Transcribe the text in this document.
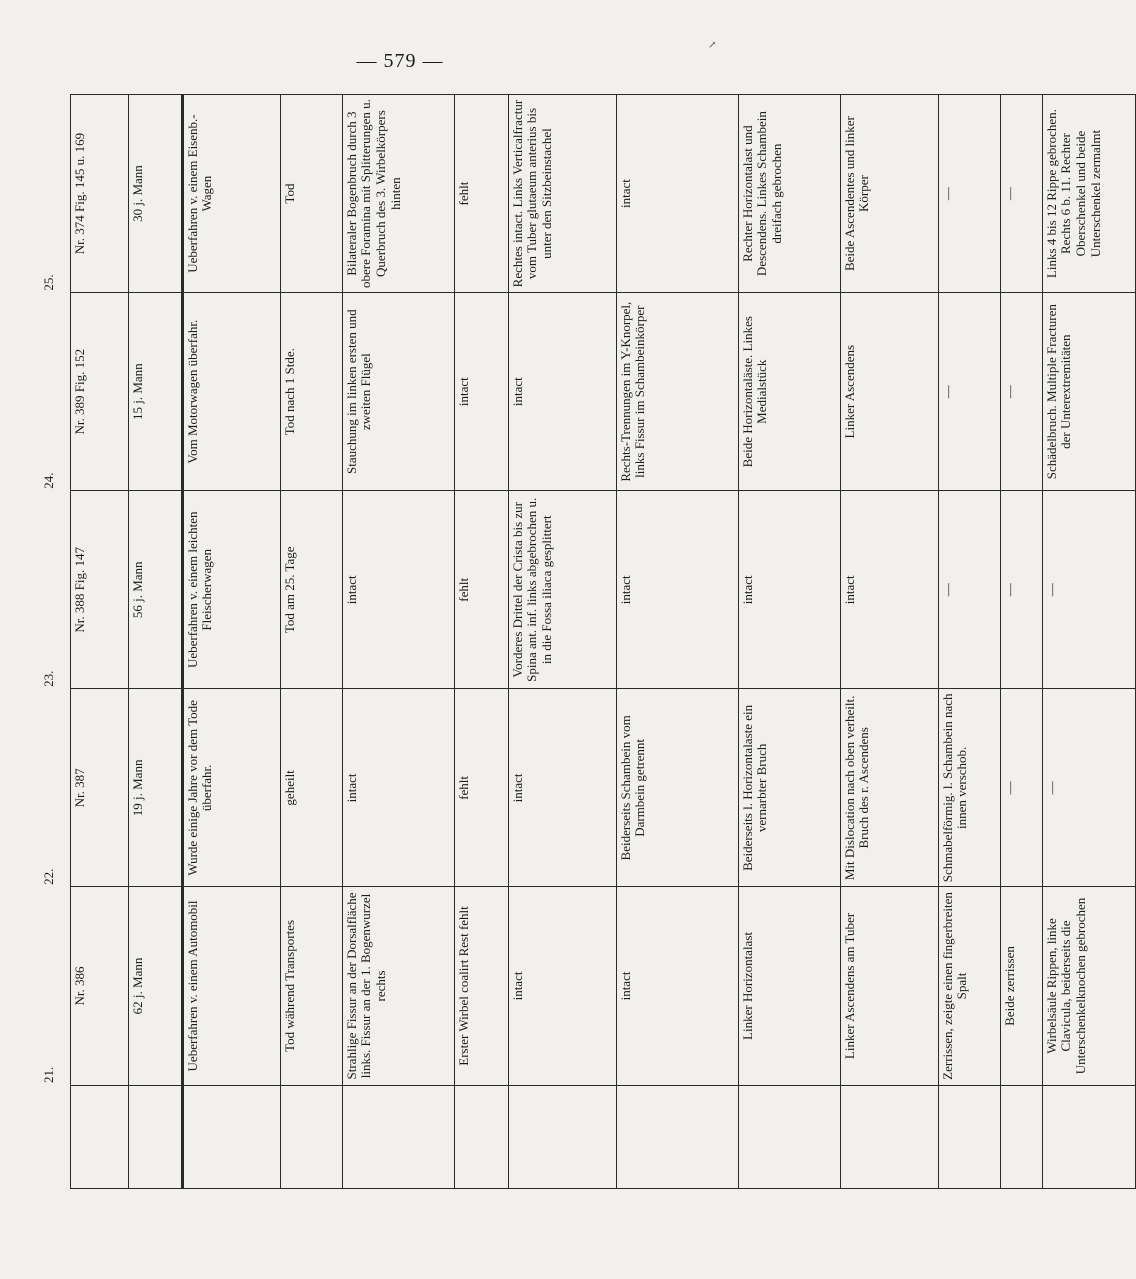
— 579 —
↗
	21.	22.	23.	24.	25.
	Nr. 386	Nr. 387	Nr. 388 Fig. 147	Nr. 389 Fig. 152	Nr. 374 Fig. 145 u. 169
	62 j. Mann	19 j. Mann	56 j. Mann	15 j. Mann	30 j. Mann
	Ueberfahren v. einem Automobil	Wurde einige Jahre vor dem Tode überfahr.	Ueberfahren v. einem leichten Fleischerwagen	Vom Motorwagen überfahr.	Ueberfahren v. einem Eisenb.-Wagen
	Tod während Transportes	geheilt	Tod am 25. Tage	Tod nach 1 Stde.	Tod
	Strahlige Fissur an der Dorsalfläche links. Fissur an der 1. Bogenwurzel rechts	intact	intact	Stauchung im linken ersten und zweiten Flügel	Bilateraler Bogenbruch durch 3 obere Foramina mit Splitterungen u. Querbruch des 3. Wirbelkörpers hinten
	Erster Wirbel coalirt Rest fehlt	fehlt	fehlt	intact	fehlt
	intact	intact	Vorderes Drittel der Crista bis zur Spina ant. inf. links abgebrochen u. in die Fossa iliaca gesplittert	intact	Rechtes intact. Links Verticalfractur vom Tuber glutaeum anterius bis unter den Sitzbeinstachel
	intact	Beiderseits Schambein vom Darmbein getrennt	intact	Rechts-Trennungen im Y-Knorpel, links Fissur im Schambeinkörper	intact
	Linker Horizontalast	Beiderseits l. Horizontalaste ein vernarbter Bruch	intact	Beide Horizontaläste. Linkes Medialstück	Rechter Horizontalast und Descendens. Linkes Schambein dreifach gebrochen
	Linker Ascendens am Tuber	Mit Dislocation nach oben verheilt. Bruch des r. Ascendens	intact	Linker Ascendens	Beide Ascendentes und linker Körper
	Zerrissen, zeigte einen fingerbreiten Spalt	Schmabelförmig. l. Schambein nach innen verschob.	—	—	—
	Beide zerrissen	—	—	—	—
	Wirbelsäule Rippen, linke Clavicula, beiderseits die Unterschenkelknochen gebrochen	—	—	Schädelbruch. Multiple Fracturen der Unterextremitäten	Links 4 bis 12 Rippe gebrochen. Rechts 6 b. 11. Rechter Oberschenkel und beide Unterschenkel zermalmt
